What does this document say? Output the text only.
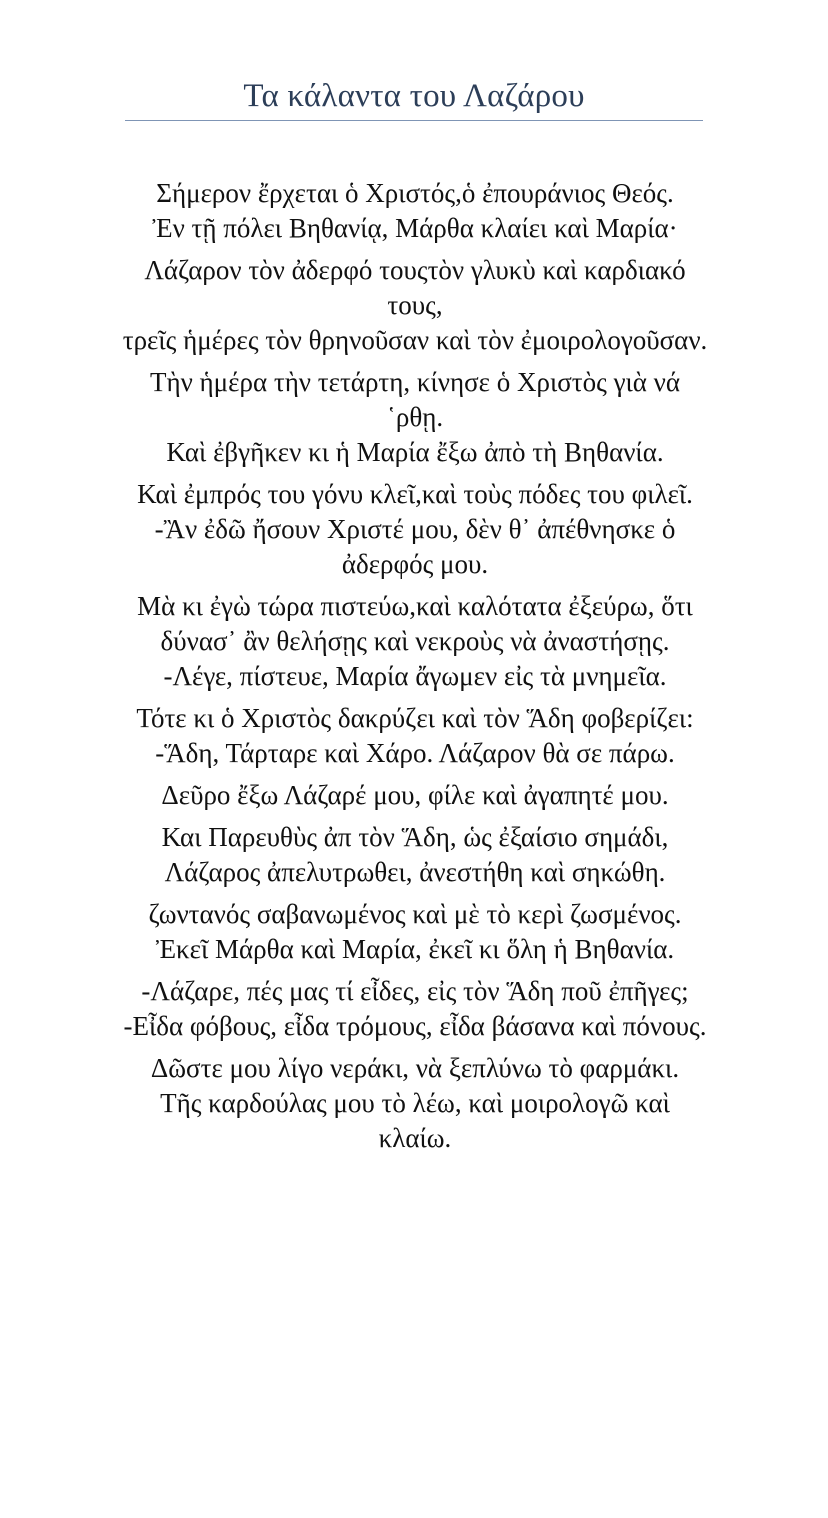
Τα κάλαντα του Λαζάρου
Σήμερον ἔρχεται ὁ Χριστός,ὁ ἐπουράνιος Θεός.
Ἐν τῇ πόλει Βηθανίᾳ, Μάρθα κλαίει καὶ Μαρία·
Λάζαρον τὸν ἀδερφό τουςτὸν γλυκὺ καὶ καρδιακό τους,
τρεῖς ἡμέρες τὸν θρηνοῦσαν καὶ τὸν ἐμοιρολογοῦσαν.
Τὴν ἡμέρα τὴν τετάρτη, κίνησε ὁ Χριστὸς γιὰ νά ῾ρθῃ.
Καὶ ἐβγῆκεν κι ἡ Μαρία ἔξω ἀπὸ τὴ Βηθανία.
Καὶ ἐμπρός του γόνυ κλεῖ,καὶ τοὺς πόδες του φιλεῖ.
-Ἂν ἐδῶ ἤσουν Χριστέ μου, δὲν θ᾽ ἀπέθνησκε ὁ ἀδερφός μου.
Μὰ κι ἐγὼ τώρα πιστεύω,καὶ καλότατα ἐξεύρω, ὅτι δύνασ᾽ ἂν θελήσῃς καὶ νεκροὺς νὰ ἀναστήσῃς.
-Λέγε, πίστευε, Μαρία ἄγωμεν εἰς τὰ μνημεῖα.
Τότε κι ὁ Χριστὸς δακρύζει καὶ τὸν Ἅδη φοβερίζει:
-Ἅδη, Τάρταρε καὶ Χάρο. Λάζαρον θὰ σε πάρω.
Δεῦρο ἔξω Λάζαρέ μου, φίλε καὶ ἀγαπητέ μου.
Και Παρευθὺς ἀπ τὸν Ἅδη, ὡς ἐξαίσιο σημάδι,
Λάζαρος ἀπελυτρωθει, ἀνεστήθη καὶ σηκώθη.
ζωντανός σαβανωμένος καὶ μὲ τὸ κερὶ ζωσμένος.
Ἐκεῖ Μάρθα καὶ Μαρία, ἐκεῖ κι ὅλη ἡ Βηθανία.
-Λάζαρε, πές μας τί εἶδες, εἰς τὸν Ἅδη ποῦ ἐπῆγες;
-Εἶδα φόβους, εἶδα τρόμους, εἶδα βάσανα καὶ πόνους.
Δῶστε μου λίγο νεράκι, νὰ ξεπλύνω τὸ φαρμάκι.
Τῆς καρδούλας μου τὸ λέω, καὶ μοιρολογῶ καὶ κλαίω.
